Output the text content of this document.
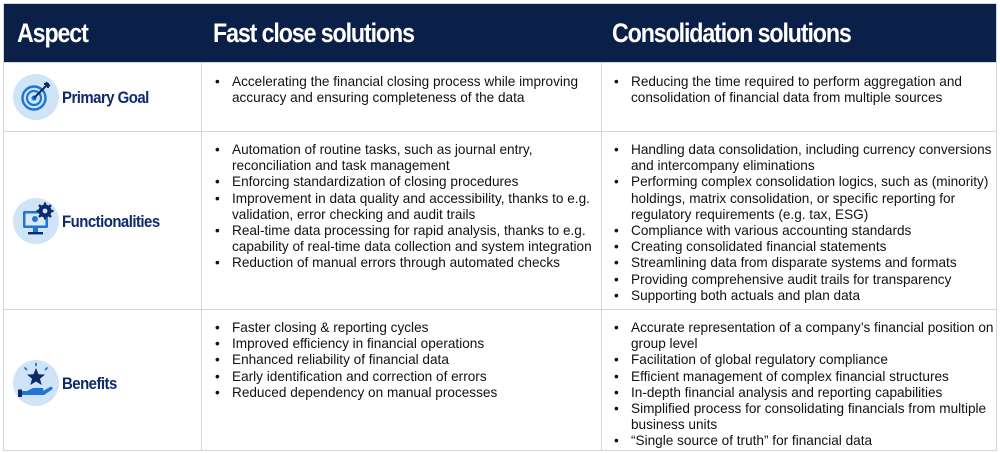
Aspect	Fast close solutions	Consolidation solutions
Primary Goal
• Accelerating the financial closing process while improving accuracy and ensuring completeness of the data
• Reducing the time required to perform aggregation and consolidation of financial data from multiple sources
Functionalities
• Automation of routine tasks, such as journal entry, reconciliation and task management
• Enforcing standardization of closing procedures
• Improvement in data quality and accessibility, thanks to e.g. validation, error checking and audit trails
• Real-time data processing for rapid analysis, thanks to e.g. capability of real-time data collection and system integration
• Reduction of manual errors through automated checks
• Handling data consolidation, including currency conversions and intercompany eliminations
• Performing complex consolidation logics, such as (minority) holdings, matrix consolidation, or specific reporting for regulatory requirements (e.g. tax, ESG)
• Compliance with various accounting standards
• Creating consolidated financial statements
• Streamlining data from disparate systems and formats
• Providing comprehensive audit trails for transparency
• Supporting both actuals and plan data
Benefits
• Faster closing & reporting cycles
• Improved efficiency in financial operations
• Enhanced reliability of financial data
• Early identification and correction of errors
• Reduced dependency on manual processes
• Accurate representation of a company’s financial position on group level
• Facilitation of global regulatory compliance
• Efficient management of complex financial structures
• In-depth financial analysis and reporting capabilities
• Simplified process for consolidating financials from multiple business units
• “Single source of truth” for financial data
